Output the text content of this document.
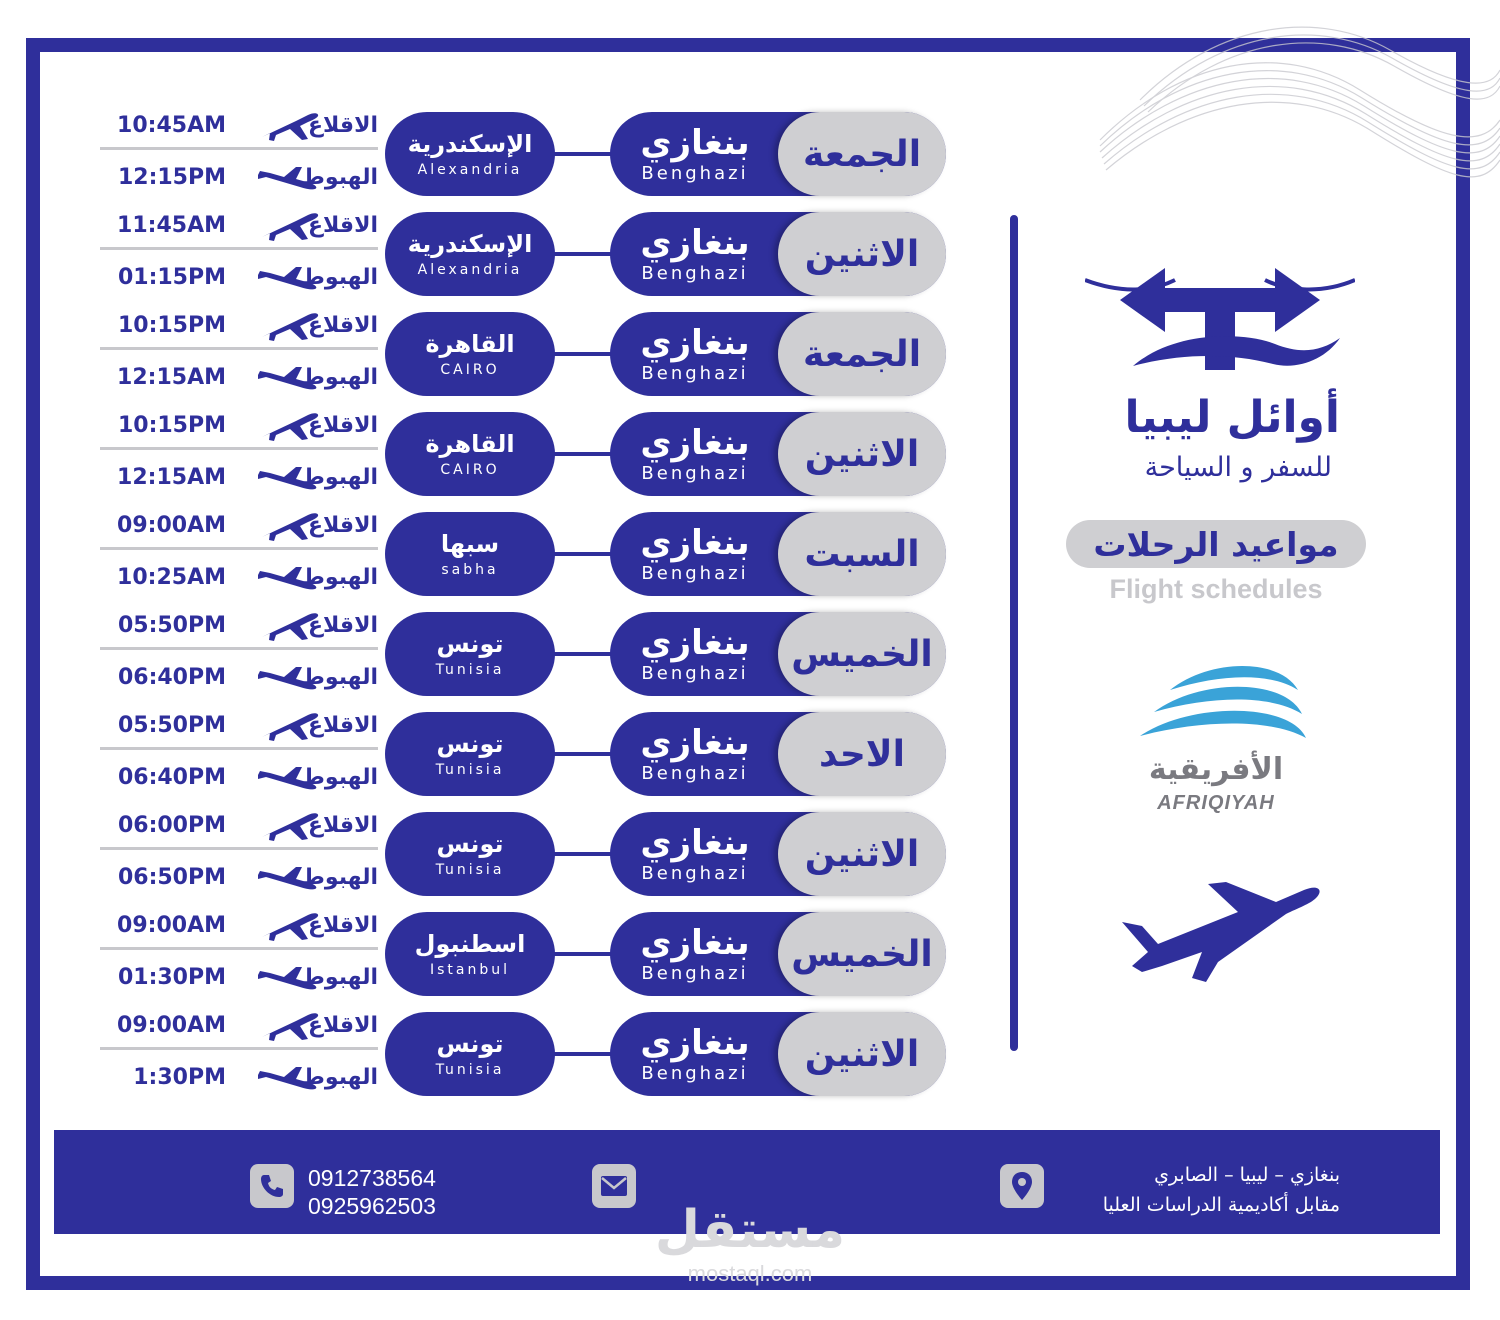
10:45AM	الاقلاع
12:15PM	الهبوط
الإسكندرية
Alexandria
بنغازي
Benghazi	الجمعة
11:45AM	الاقلاع
01:15PM	الهبوط
الإسكندرية
Alexandria
بنغازي
Benghazi	الاثنين
10:15PM	الاقلاع
12:15AM	الهبوط
القاهرة
CAIRO
بنغازي
Benghazi	الجمعة
10:15PM	الاقلاع
12:15AM	الهبوط
القاهرة
CAIRO
بنغازي
Benghazi	الاثنين
09:00AM	الاقلاع
10:25AM	الهبوط
سبها
sabha
بنغازي
Benghazi	السبت
05:50PM	الاقلاع
06:40PM	الهبوط
تونس
Tunisia
بنغازي
Benghazi	الخميس
05:50PM	الاقلاع
06:40PM	الهبوط
تونس
Tunisia
بنغازي
Benghazi	الاحد
06:00PM	الاقلاع
06:50PM	الهبوط
تونس
Tunisia
بنغازي
Benghazi	الاثنين
09:00AM	الاقلاع
01:30PM	الهبوط
اسطنبول
Istanbul
بنغازي
Benghazi	الخميس
09:00AM	الاقلاع
1:30PM	الهبوط
تونس
Tunisia
بنغازي
Benghazi	الاثنين
أوائل ليبيا
للسفر و السياحة
مواعيد الرحلات
Flight schedules
الأفريقية
AFRIQIYAH
0912738564
0925962503
بنغازي – ليبيا – الصابري
مقابل أكاديمية الدراسات العليا
مستقل
mostaql.com
